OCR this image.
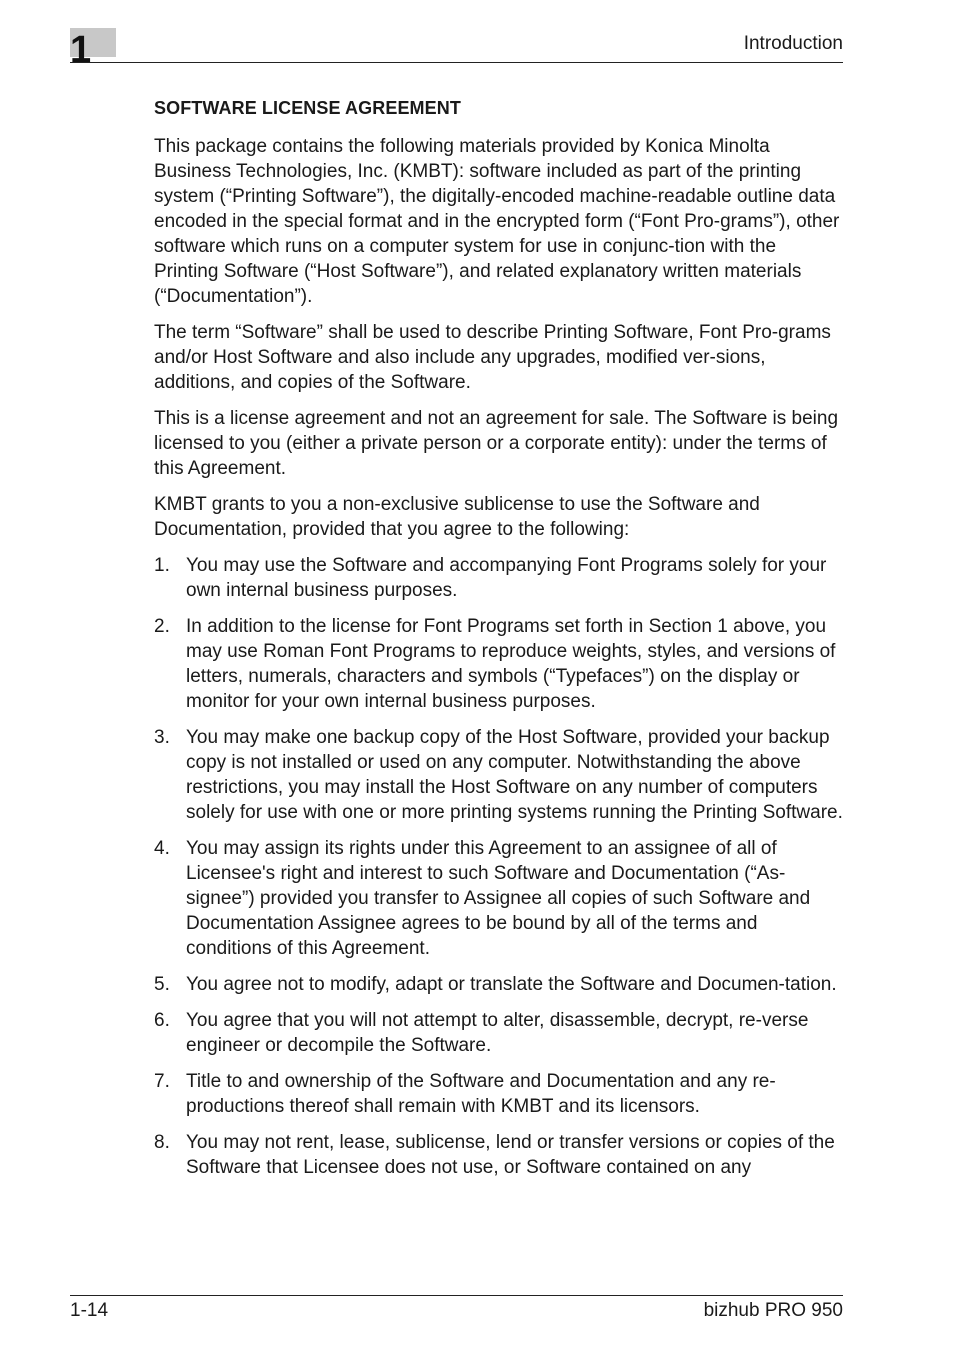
1	Introduction
SOFTWARE LICENSE AGREEMENT

This package contains the following materials provided by Konica Minolta Business Technologies, Inc. (KMBT): software included as part of the printing system (“Printing Software”), the digitally-encoded machine-readable outline data encoded in the special format and in the encrypted form (“Font Pro-grams”), other software which runs on a computer system for use in conjunc-tion with the Printing Software (“Host Software”), and related explanatory written materials (“Documentation”).

The term “Software” shall be used to describe Printing Software, Font Pro-grams and/or Host Software and also include any upgrades, modified ver-sions, additions, and copies of the Software.

This is a license agreement and not an agreement for sale. The Software is being licensed to you (either a private person or a corporate entity): under the terms of this Agreement.

KMBT grants to you a non-exclusive sublicense to use the Software and Documentation, provided that you agree to the following:

1. You may use the Software and accompanying Font Programs solely for your own internal business purposes.
2. In addition to the license for Font Programs set forth in Section 1 above, you may use Roman Font Programs to reproduce weights, styles, and versions of letters, numerals, characters and symbols (“Typefaces”) on the display or monitor for your own internal business purposes.
3. You may make one backup copy of the Host Software, provided your backup copy is not installed or used on any computer. Notwithstanding the above restrictions, you may install the Host Software on any number of computers solely for use with one or more printing systems running the Printing Software.
4. You may assign its rights under this Agreement to an assignee of all of Licensee's right and interest to such Software and Documentation (“As-signee”) provided you transfer to Assignee all copies of such Software and Documentation Assignee agrees to be bound by all of the terms and conditions of this Agreement.
5. You agree not to modify, adapt or translate the Software and Documen-tation.
6. You agree that you will not attempt to alter, disassemble, decrypt, re-verse engineer or decompile the Software.
7. Title to and ownership of the Software and Documentation and any re-productions thereof shall remain with KMBT and its licensors.
8. You may not rent, lease, sublicense, lend or transfer versions or copies of the Software that Licensee does not use, or Software contained on any
1-14	bizhub PRO 950
